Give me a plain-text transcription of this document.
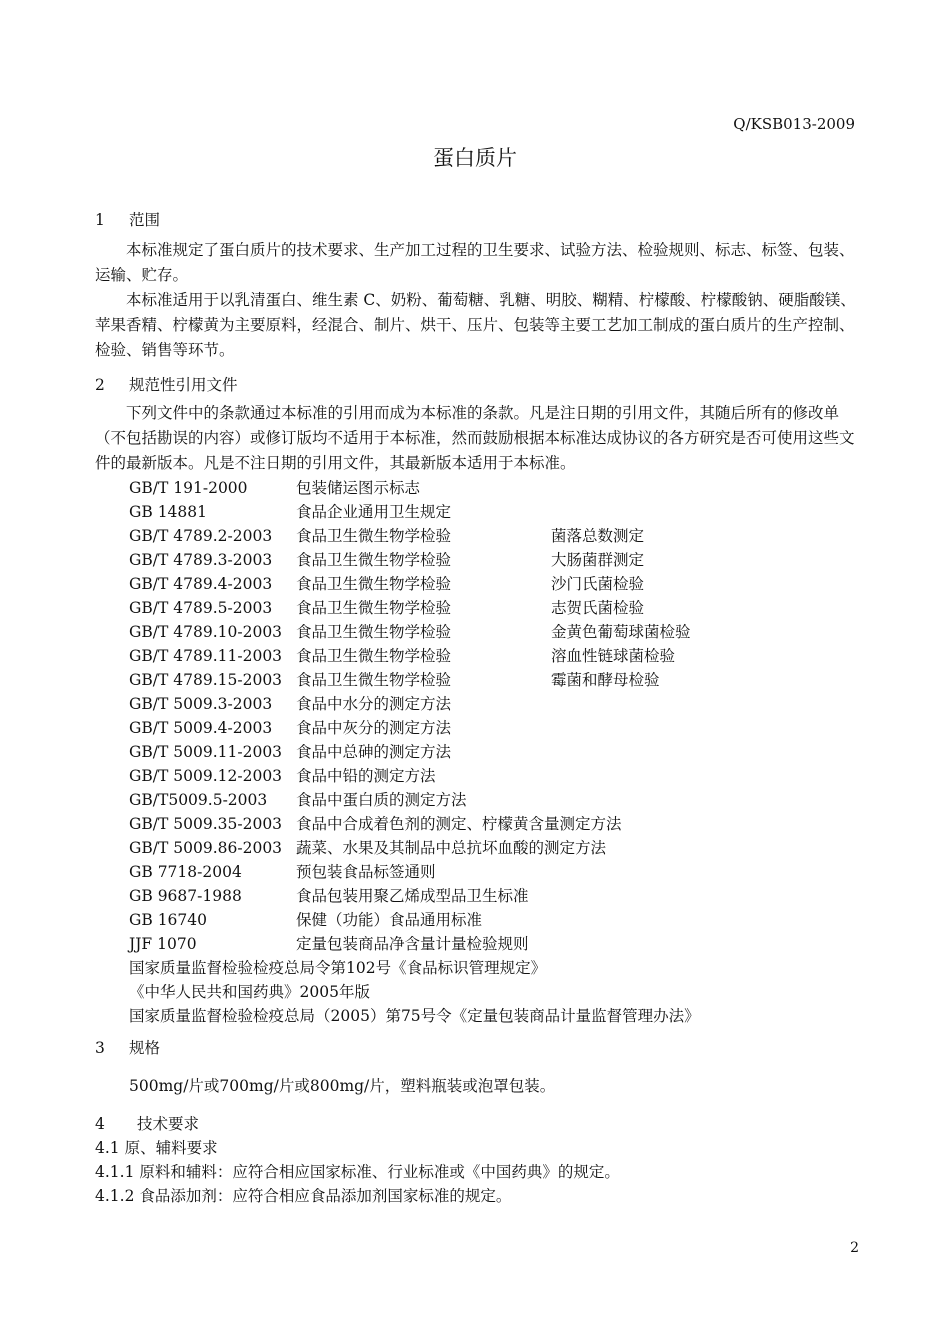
Q/KSB013-2009
蛋白质片
1 范围

本标准规定了蛋白质片的技术要求、生产加工过程的卫生要求、试验方法、检验规则、标志、标签、包装、运输、贮存。

本标准适用于以乳清蛋白、维生素 C、奶粉、葡萄糖、乳糖、明胶、糊精、柠檬酸、柠檬酸钠、硬脂酸镁、苹果香精、柠檬黄为主要原料，经混合、制片、烘干、压片、包装等主要工艺加工制成的蛋白质片的生产控制、检验、销售等环节。

2 规范性引用文件

下列文件中的条款通过本标准的引用而成为本标准的条款。凡是注日期的引用文件，其随后所有的修改单（不包括勘误的内容）或修订版均不适用于本标准，然而鼓励根据本标准达成协议的各方研究是否可使用这些文件的最新版本。凡是不注日期的引用文件，其最新版本适用于本标准。

GB/T 191-2000	包装储运图示标志
GB 14881	食品企业通用卫生规定
GB/T 4789.2-2003 食品卫生微生物学检验	菌落总数测定
GB/T 4789.3-2003 食品卫生微生物学检验	大肠菌群测定
GB/T 4789.4-2003 食品卫生微生物学检验	沙门氏菌检验
GB/T 4789.5-2003 食品卫生微生物学检验	志贺氏菌检验
GB/T 4789.10-2003 食品卫生微生物学检验	金黄色葡萄球菌检验
GB/T 4789.11-2003 食品卫生微生物学检验	溶血性链球菌检验
GB/T 4789.15-2003 食品卫生微生物学检验	霉菌和酵母检验
GB/T 5009.3-2003 食品中水分的测定方法
GB/T 5009.4-2003 食品中灰分的测定方法
GB/T 5009.11-2003 食品中总砷的测定方法
GB/T 5009.12-2003 食品中铅的测定方法
GB/T5009.5-2003 食品中蛋白质的测定方法
GB/T 5009.35-2003 食品中合成着色剂的测定、柠檬黄含量测定方法
GB/T 5009.86-2003 蔬菜、水果及其制品中总抗坏血酸的测定方法
GB 7718-2004	预包装食品标签通则
GB 9687-1988	食品包装用聚乙烯成型品卫生标准
GB 16740	保健（功能）食品通用标准
JJF 1070	定量包装商品净含量计量检验规则
国家质量监督检验检疫总局令第102号《食品标识管理规定》
《中华人民共和国药典》2005年版
国家质量监督检验检疫总局（2005）第75号令《定量包装商品计量监督管理办法》
3 规格
500mg/片或700mg/片或800mg/片，塑料瓶装或泡罩包装。
4 技术要求
4.1 原、辅料要求
4.1.1 原料和辅料：应符合相应国家标准、行业标准或《中国药典》的规定。
4.1.2 食品添加剂：应符合相应食品添加剂国家标准的规定。
2
